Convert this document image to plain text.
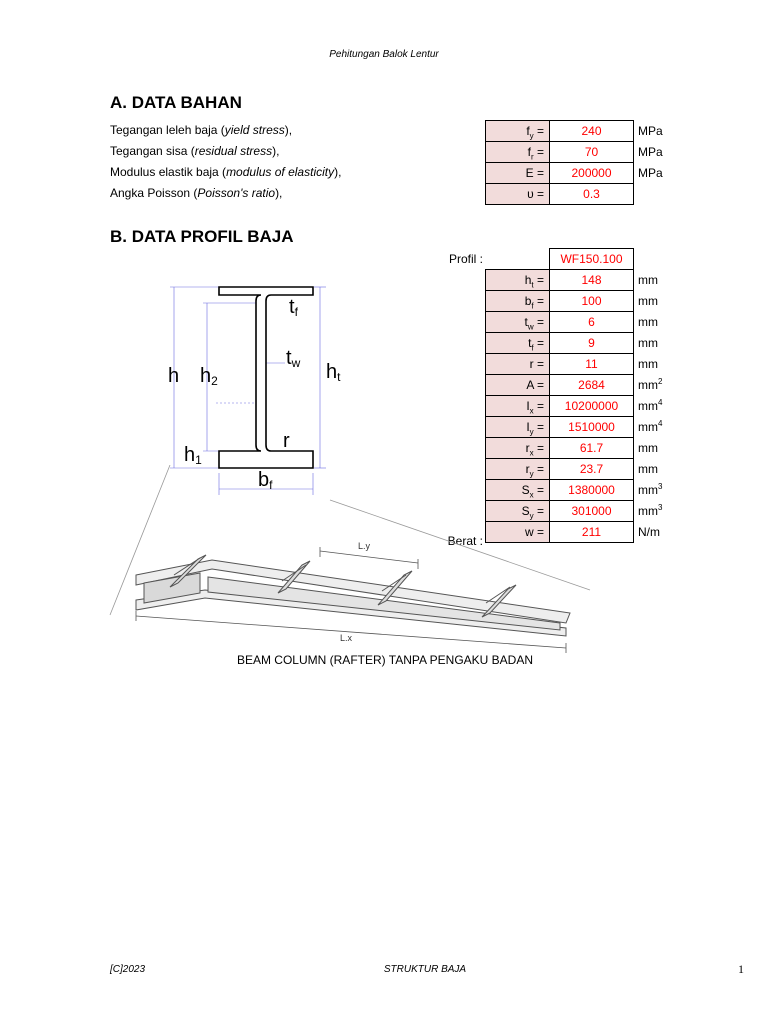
Pehitungan Balok Lentur
A. DATA BAHAN
Tegangan leleh baja (yield stress),
Tegangan sisa (residual stress),
Modulus elastik baja (modulus of elasticity),
Angka Poisson (Poisson's ratio),
$f_y$ =	240	MPa
$f_r$ =	70	MPa
E =	200000	MPa
υ =	0.3	
B. DATA PROFIL BAJA
Profil :
		WF150.100	
$h_t$ =	148	mm
$b_f$ =	100	mm
$t_w$ =	6	mm
$t_f$ =	9	mm
r =	11	mm
A =	2684	$mm^2$
$I_x$ =	10200000	$mm^4$
$I_y$ =	1510000	$mm^4$
$r_x$ =	61.7	mm
$r_y$ =	23.7	mm
$S_x$ =	1380000	$mm^3$
$S_y$ =	301000	$mm^3$
w =	211	N/m
Berat :
h h2
h1
ht
tf
tw
r
bf
L.y
L.x
BEAM COLUMN (RAFTER) TANPA PENGAKU BADAN
[C]2023	STRUKTUR BAJA	1
